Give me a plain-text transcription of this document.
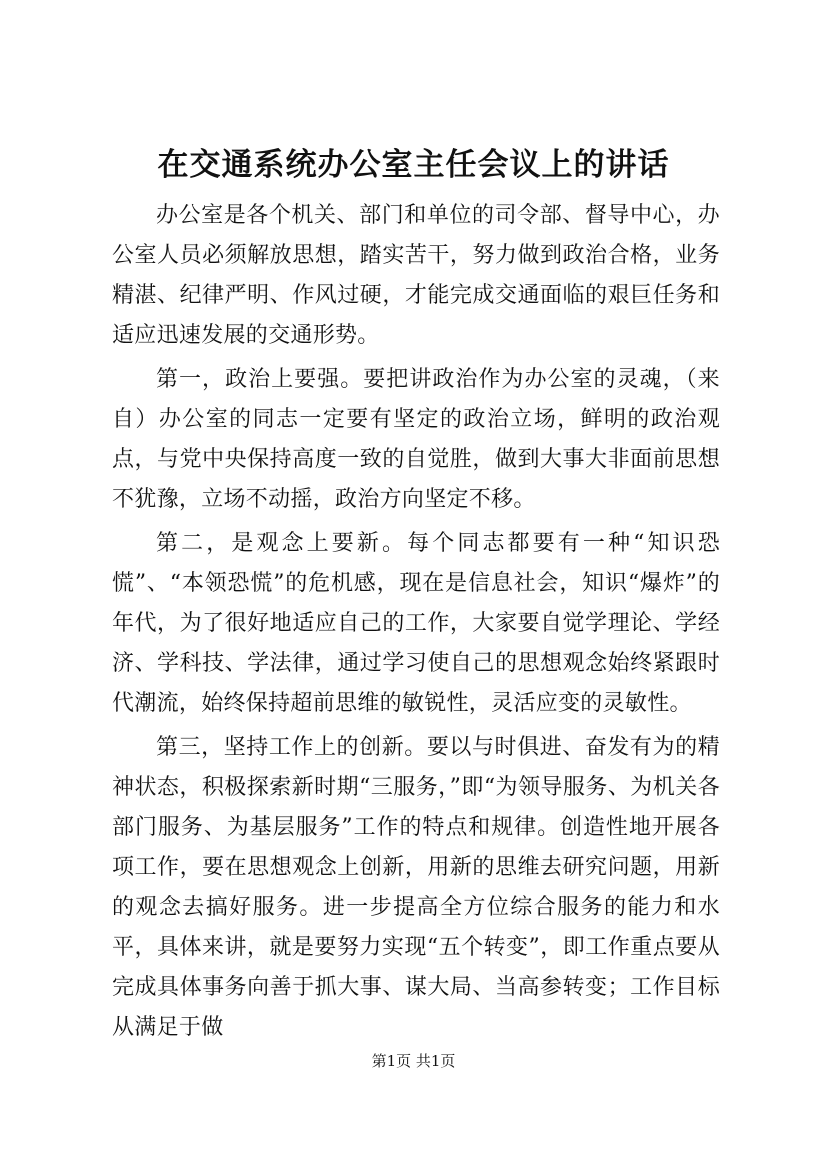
在交通系统办公室主任会议上的讲话

办公室是各个机关、部门和单位的司令部、督导中心，办公室人员必须解放思想，踏实苦干，努力做到政治合格，业务精湛、纪律严明、作风过硬，才能完成交通面临的艰巨任务和适应迅速发展的交通形势。

第一，政治上要强。要把讲政治作为办公室的灵魂，（来自）办公室的同志一定要有坚定的政治立场，鲜明的政治观点，与党中央保持高度一致的自觉胜，做到大事大非面前思想不犹豫，立场不动摇，政治方向坚定不移。

第二，是观念上要新。每个同志都要有一种“知识恐慌”、“本领恐慌”的危机感，现在是信息社会，知识“爆炸”的年代，为了很好地适应自己的工作，大家要自觉学理论、学经济、学科技、学法律，通过学习使自己的思想观念始终紧跟时代潮流，始终保持超前思维的敏锐性，灵活应变的灵敏性。

第三，坚持工作上的创新。要以与时俱进、奋发有为的精神状态，积极探索新时期“三服务，”即“为领导服务、为机关各部门服务、为基层服务”工作的特点和规律。创造性地开展各项工作，要在思想观念上创新，用新的思维去研究问题，用新的观念去搞好服务。进一步提高全方位综合服务的能力和水平，具体来讲，就是要努力实现“五个转变”，即工作重点要从完成具体事务向善于抓大事、谋大局、当高参转变；工作目标从满足于做

第1页 共1页
